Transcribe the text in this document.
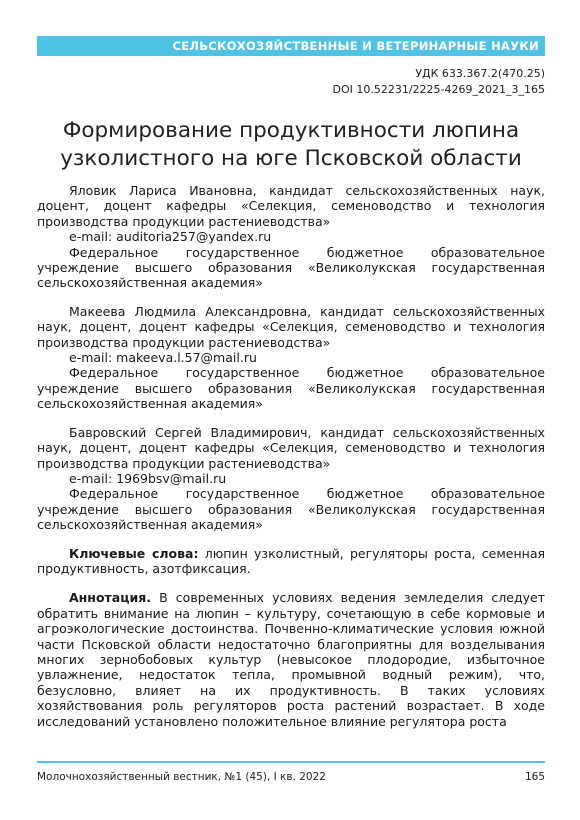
СЕЛЬСКОХОЗЯЙСТВЕННЫЕ И ВЕТЕРИНАРНЫЕ НАУКИ
УДК 633.367.2(470.25)
DOI 10.52231/2225-4269_2021_3_165
Формирование продуктивности люпина
узколистного на юге Псковской области

Яловик Лариса Ивановна, кандидат сельскохозяйственных наук, доцент, доцент кафедры «Селекция, семеноводство и технология производства продукции растениеводства»

e-mail: auditoria257@yandex.ru

Федеральное государственное бюджетное образовательное учреждение высшего образования «Великолукская государственная сельскохозяйственная академия»

Макеева Людмила Александровна, кандидат сельскохозяйственных наук, доцент, доцент кафедры «Селекция, семеноводство и технология производства продукции растениеводства»

e-mail: makeeva.l.57@mail.ru

Федеральное государственное бюджетное образовательное учреждение высшего образования «Великолукская государственная сельскохозяйственная академия»

Бавровский Сергей Владимирович, кандидат сельскохозяйственных наук, доцент, доцент кафедры «Селекция, семеноводство и технология производства продукции растениеводства»

e-mail: 1969bsv@mail.ru

Федеральное государственное бюджетное образовательное учреждение высшего образования «Великолукская государственная сельскохозяйственная академия»

Ключевые слова: люпин узколистный, регуляторы роста, семенная продуктивность, азотфиксация.

Аннотация. В современных условиях ведения земледелия следует обратить внимание на люпин – культуру, сочетающую в себе кормовые и агроэкологические достоинства. Почвенно-климатические условия южной части Псковской области недостаточно благоприятны для возделывания многих зернобобовых культур (невысокое плодородие, избыточное увлажнение, недостаток тепла, промывной водный режим), что, безусловно, влияет на их продуктивность. В таких условиях хозяйствования роль регуляторов роста растений возрастает. В ходе исследований установлено положительное влияние регулятора роста

Молочнохозяйственный вестник, №1 (45), I кв. 2022	165
